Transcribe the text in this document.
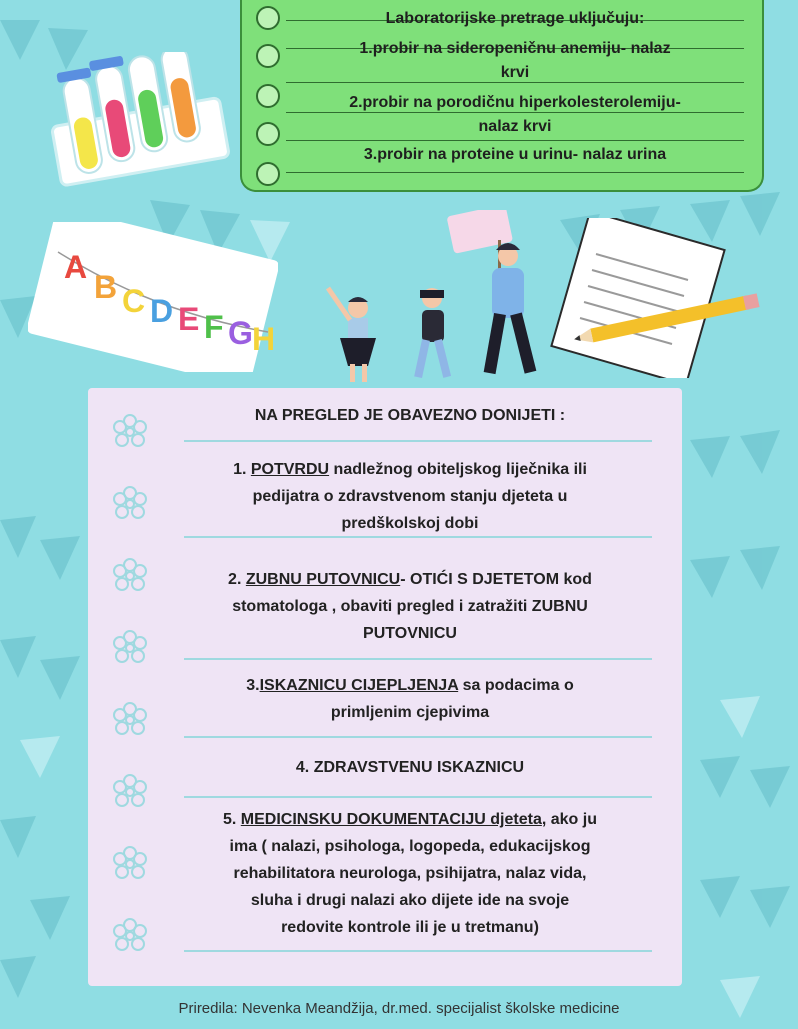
Laboratorijske pretrage uključuju:
1.probir na sideropeničnu anemiju- nalaz
krvi
2.probir na porodičnu hiperkolesterolemiju-
nalaz krvi
3.probir na proteine u urinu- nalaz urina
A
B C D E F G H
NA PREGLED JE OBAVEZNO DONIJETI :
1. POTVRDU nadležnog obiteljskog liječnika ili
pedijatra o zdravstvenom stanju djeteta u
predškolskoj dobi
2. ZUBNU PUTOVNICU- OTIĆI S DJETETOM kod
stomatologa , obaviti pregled i zatražiti ZUBNU
PUTOVNICU
3.ISKAZNICU CIJEPLJENJA sa podacima o
primljenim cjepivima
4. ZDRAVSTVENU ISKAZNICU
5. MEDICINSKU DOKUMENTACIJU djeteta, ako ju
ima ( nalazi, psihologa, logopeda, edukacijskog
rehabilitatora neurologa, psihijatra, nalaz vida,
sluha i drugi nalazi ako dijete ide na svoje
redovite kontrole ili je u tretmanu)
Priredila: Nevenka Meandžija, dr.med. specijalist školske medicine
